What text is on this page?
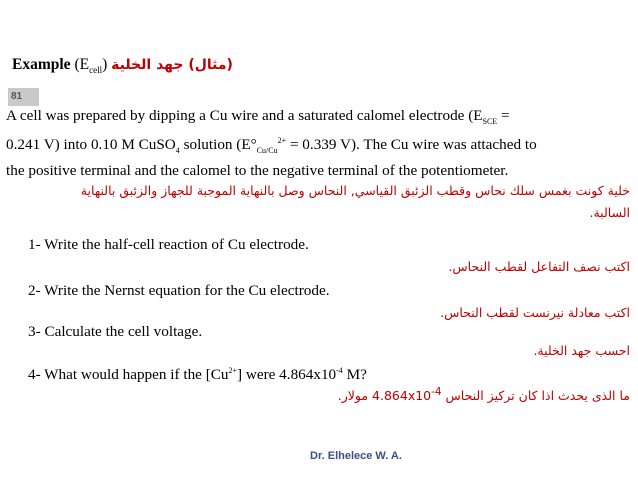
Example $(E_{cell})$ (مثال) جهد الخلية
81
A cell was prepared by dipping a Cu wire and a saturated calomel electrode ($E_{SCE}$ =
0.241 V) into 0.10 M CuSO$_4$ solution ($E^\circ_{Cu/Cu}^{2+} = 0.339$ V). The Cu wire was attached to
the positive terminal and the calomel to the negative terminal of the potentiometer.
خلية كونت بغمس سلك نحاس وقطب الزئبق القياسي, النحاس وصل بالنهاية الموجبة للجهاز والزئبق بالنهاية
السالبة.
1- Write the half-cell reaction of Cu electrode.
اكتب نصف التفاعل لقطب النحاس.
2- Write the Nernst equation for the Cu electrode.
اكتب معادلة نيرنست لقطب النحاس.
3- Calculate the cell voltage.
احسب جهد الخلية.
4- What would happen if the $[Cu^{2+}]$ were $4.864x10^{-4}$ M?
ما الذى يحدث اذا كان تركيز النحاس $4.864x10^{-4}$ مولار.
Dr. Elhelece W. A.
